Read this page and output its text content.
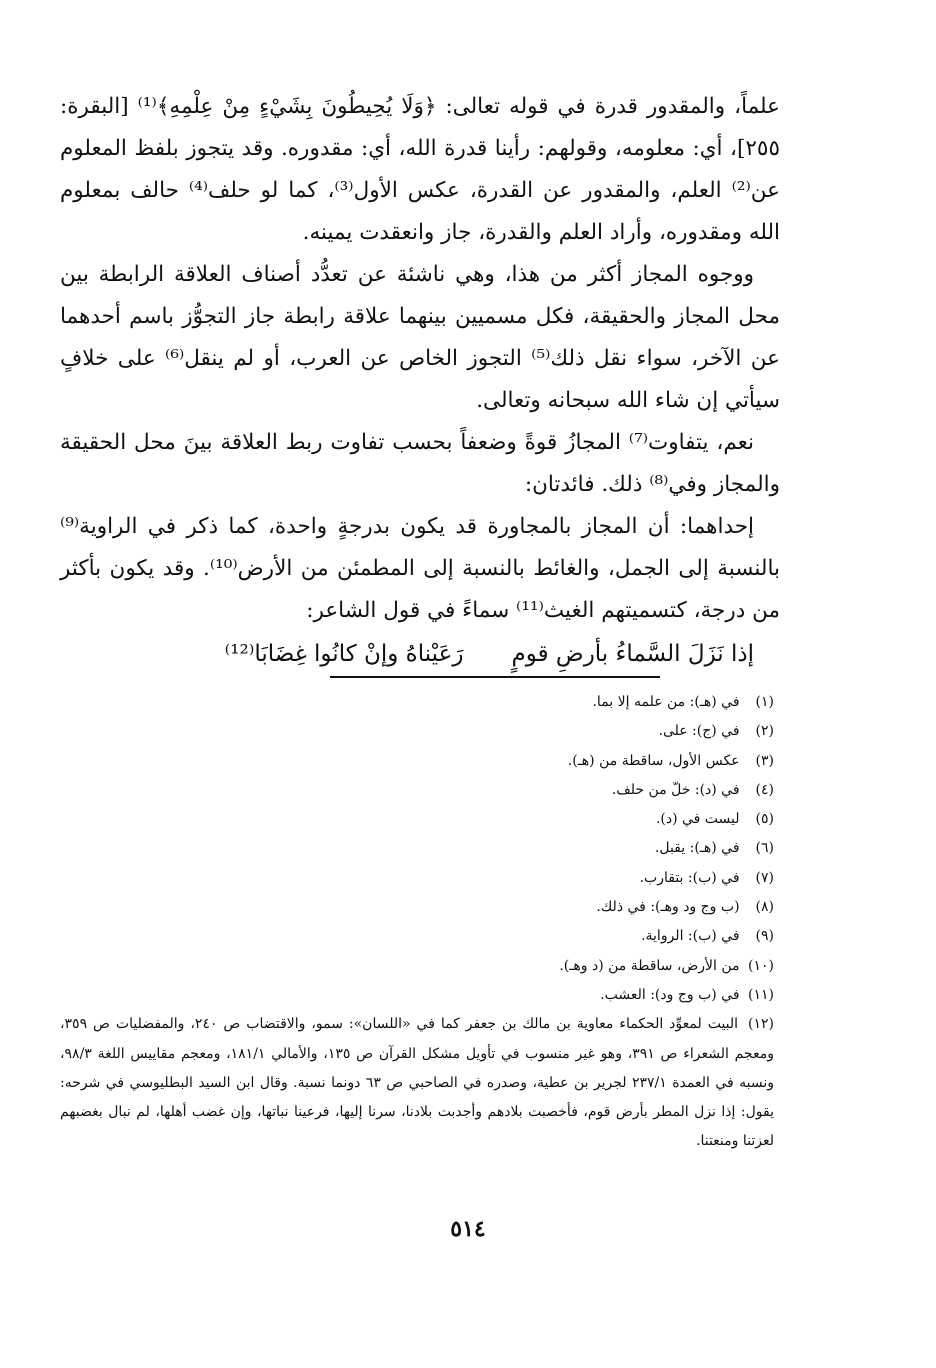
علماً، والمقدور قدرة في قوله تعالى: ﴿وَلَا يُحِيطُونَ بِشَيْءٍ مِنْ عِلْمِهِ﴾⁽¹⁾ [البقرة: ٢٥٥]، أي: معلومه، وقولهم: رأينا قدرة الله، أي: مقدوره. وقد يتجوز بلفظ المعلوم عن⁽²⁾ العلم، والمقدور عن القدرة، عكس الأول⁽³⁾، كما لو حلف⁽⁴⁾ حالف بمعلوم الله ومقدوره، وأراد العلم والقدرة، جاز وانعقدت يمينه.

ووجوه المجاز أكثر من هذا، وهي ناشئة عن تعدُّد أصناف العلاقة الرابطة بين محل المجاز والحقيقة، فكل مسميين بينهما علاقة رابطة جاز التجوُّز باسم أحدهما عن الآخر، سواء نقل ذلك⁽⁵⁾ التجوز الخاص عن العرب، أو لم ينقل⁽⁶⁾ على خلافٍ سيأتي إن شاء الله سبحانه وتعالى.

نعم، يتفاوت⁽⁷⁾ المجازُ قوةً وضعفاً بحسب تفاوت ربط العلاقة بينَ محل الحقيقة والمجاز وفي⁽⁸⁾ ذلك. فائدتان:

إحداهما: أن المجاز بالمجاورة قد يكون بدرجةٍ واحدة، كما ذكر في الراوية⁽⁹⁾ بالنسبة إلى الجمل، والغائط بالنسبة إلى المطمئن من الأرض⁽¹⁰⁾. وقد يكون بأكثر من درجة، كتسميتهم الغيث⁽¹¹⁾ سماءً في قول الشاعر:

إذا نَزَلَ السَّماءُ بأرضِ قومٍ
رَعَيْناهُ وإنْ كانُوا غِضَابَا⁽¹²⁾

(١) في (هـ): من علمه إلا بما.

(٢) في (ج): على.

(٣) عكس الأول، ساقطة من (هـ).

(٤) في (د): خلّ من حلف.

(٥) ليست في (د).

(٦) في (هـ): يقبل.

(٧) في (ب): بتقارب.

(٨) (ب وج ود وهـ): في ذلك.

(٩) في (ب): الرواية.

(١٠) من الأرض، ساقطة من (د وهـ).

(١١) في (ب وج ود): العشب.

(١٢) البيت لمعوِّد الحكماء معاوية بن مالك بن جعفر كما في «اللسان»: سمو، والاقتضاب ص ٢٤٠، والمفضليات ص ٣٥٩، ومعجم الشعراء ص ٣٩١، وهو غير منسوب في تأويل مشكل القرآن ص ١٣٥، والأمالي ١٨١/١، ومعجم مقاييس اللغة ٩٨/٣، ونسبه في العمدة ٢٣٧/١ لجرير بن عطية، وصدره في الصاحبي ص ٦٣ دونما نسبة. وقال ابن السيد البطليوسي في شرحه: يقول: إذا نزل المطر بأرض قوم، فأخصبت بلادهم وأجدبت بلادنا، سرنا إليها، فرعينا نباتها، وإن غضب أهلها، لم نبال بغضبهم لعزتنا ومنعتنا.

٥١٤
